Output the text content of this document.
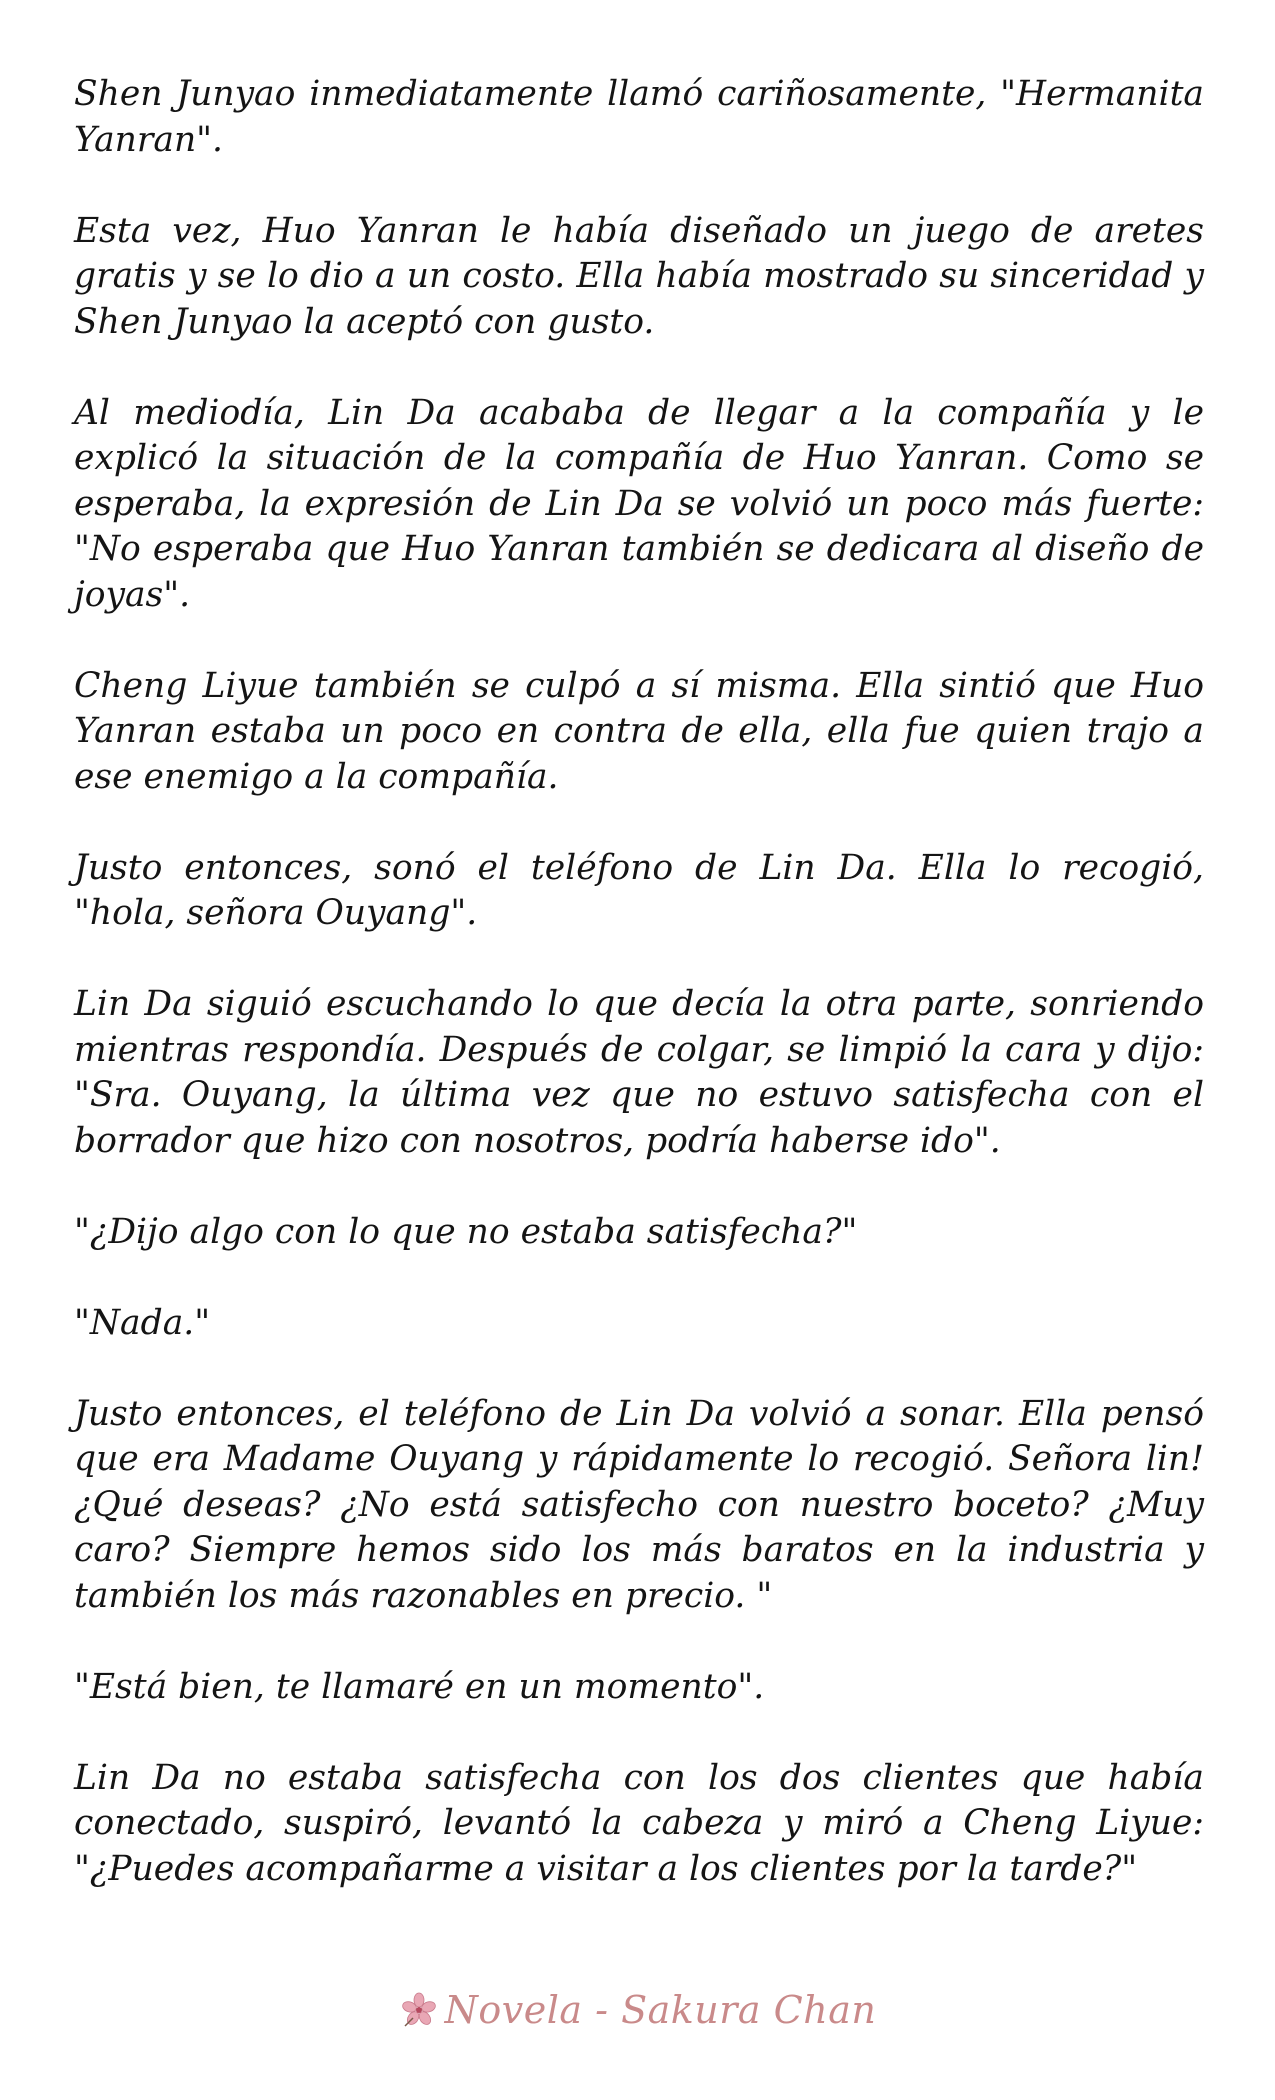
Shen Junyao inmediatamente llamó cariñosamente, "Hermanita Yanran".

Esta vez, Huo Yanran le había diseñado un juego de aretes gratis y se lo dio a un costo. Ella había mostrado su sinceridad y Shen Junyao la aceptó con gusto.

Al mediodía, Lin Da acababa de llegar a la compañía y le explicó la situación de la compañía de Huo Yanran. Como se esperaba, la expresión de Lin Da se volvió un poco más fuerte: "No esperaba que Huo Yanran también se dedicara al diseño de joyas".

Cheng Liyue también se culpó a sí misma. Ella sintió que Huo Yanran estaba un poco en contra de ella, ella fue quien trajo a ese enemigo a la compañía.

Justo entonces, sonó el teléfono de Lin Da. Ella lo recogió, "hola, señora Ouyang".

Lin Da siguió escuchando lo que decía la otra parte, sonriendo mientras respondía. Después de colgar, se limpió la cara y dijo: "Sra. Ouyang, la última vez que no estuvo satisfecha con el borrador que hizo con nosotros, podría haberse ido".

"¿Dijo algo con lo que no estaba satisfecha?"

"Nada."

Justo entonces, el teléfono de Lin Da volvió a sonar. Ella pensó que era Madame Ouyang y rápidamente lo recogió. Señora lin! ¿Qué deseas? ¿No está satisfecho con nuestro boceto? ¿Muy caro? Siempre hemos sido los más baratos en la industria y también los más razonables en precio. "

"Está bien, te llamaré en un momento".

Lin Da no estaba satisfecha con los dos clientes que había conectado, suspiró, levantó la cabeza y miró a Cheng Liyue: "¿Puedes acompañarme a visitar a los clientes por la tarde?"

Novela - Sakura Chan
